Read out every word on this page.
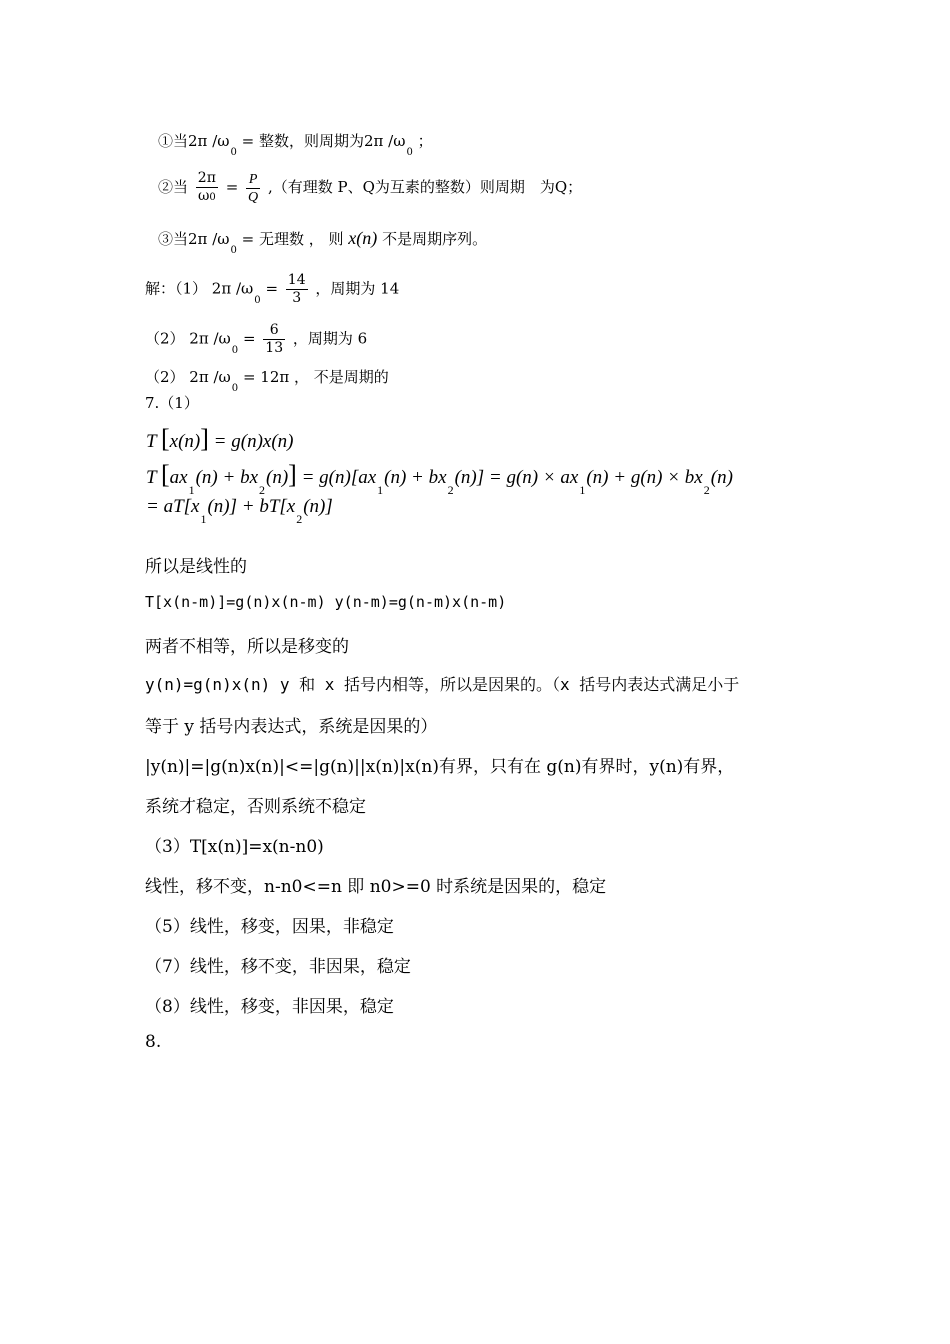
①当2π $/\omega_0$ = 整数，则周期为2π $/\omega_0$ ；
②当 $\frac{2\pi}{\omega 0} = \frac{P}{Q}$ ,（有理数 P、Q为互素的整数）则周期　为Q；
③当2π $/\omega_0$ = 无理数 ， 则 x(n) 不是周期序列。
解：（1） 2π $/\omega_0 = \frac{14}{3}$ ，周期为 14
（2） 2π $/\omega_0 = \frac{6}{13}$ ，周期为 6
（2） 2π $/\omega_0 = 12\pi$ ， 不是周期的
7.（1）
T [x(n)] = g(n)x(n)
T $[ax_1(n) + bx_2(n)] = g(n)[ax_1(n) + bx_2(n)] = g(n) \times ax_1(n) + g(n) \times bx_2(n)$
= $aT[x_1(n)] + bT[x_2(n)]$
所以是线性的
T[x(n-m)]=g(n)x(n-m) y(n-m)=g(n-m)x(n-m)
两者不相等，所以是移变的
y(n)=g(n)x(n) y 和 x 括号内相等，所以是因果的。（x 括号内表达式满足小于
等于 y 括号内表达式，系统是因果的）
|y(n)|=|g(n)x(n)|<=|g(n)||x(n)|x(n)有界，只有在 g(n)有界时，y(n)有界，
系统才稳定，否则系统不稳定
（3）T[x(n)]=x(n-n0)
线性，移不变，n-n0<=n 即 n0>=0 时系统是因果的，稳定
（5）线性，移变，因果，非稳定
（7）线性，移不变，非因果，稳定
（8）线性，移变，非因果，稳定
8.
